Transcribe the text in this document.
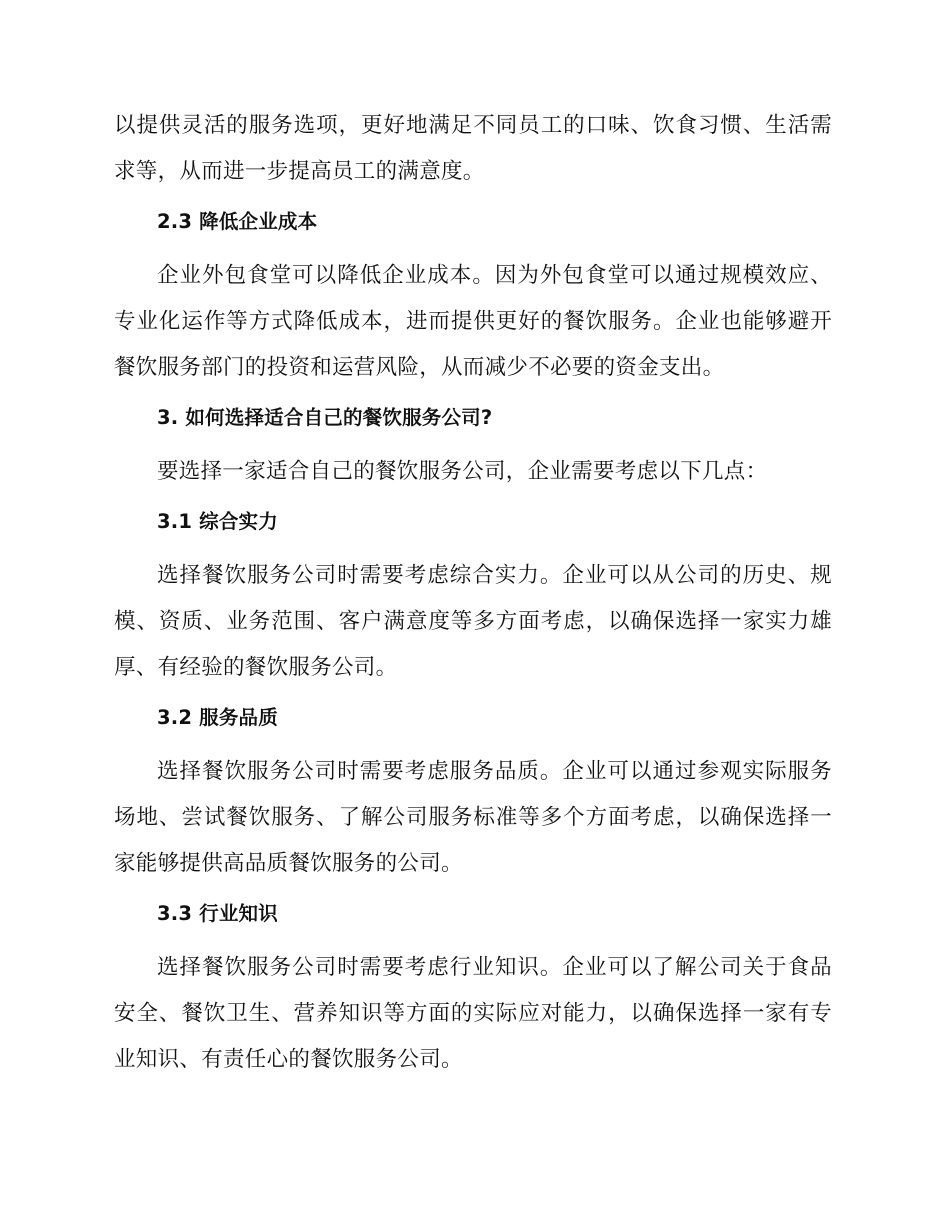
以提供灵活的服务选项，更好地满足不同员工的口味、饮食习惯、生活需求等，从而进一步提高员工的满意度。

2.3 降低企业成本

企业外包食堂可以降低企业成本。因为外包食堂可以通过规模效应、专业化运作等方式降低成本，进而提供更好的餐饮服务。企业也能够避开餐饮服务部门的投资和运营风险，从而减少不必要的资金支出。

3. 如何选择适合自己的餐饮服务公司?

要选择一家适合自己的餐饮服务公司，企业需要考虑以下几点：

3.1 综合实力

选择餐饮服务公司时需要考虑综合实力。企业可以从公司的历史、规模、资质、业务范围、客户满意度等多方面考虑，以确保选择一家实力雄厚、有经验的餐饮服务公司。

3.2 服务品质

选择餐饮服务公司时需要考虑服务品质。企业可以通过参观实际服务场地、尝试餐饮服务、了解公司服务标准等多个方面考虑，以确保选择一家能够提供高品质餐饮服务的公司。

3.3 行业知识

选择餐饮服务公司时需要考虑行业知识。企业可以了解公司关于食品安全、餐饮卫生、营养知识等方面的实际应对能力，以确保选择一家有专业知识、有责任心的餐饮服务公司。
